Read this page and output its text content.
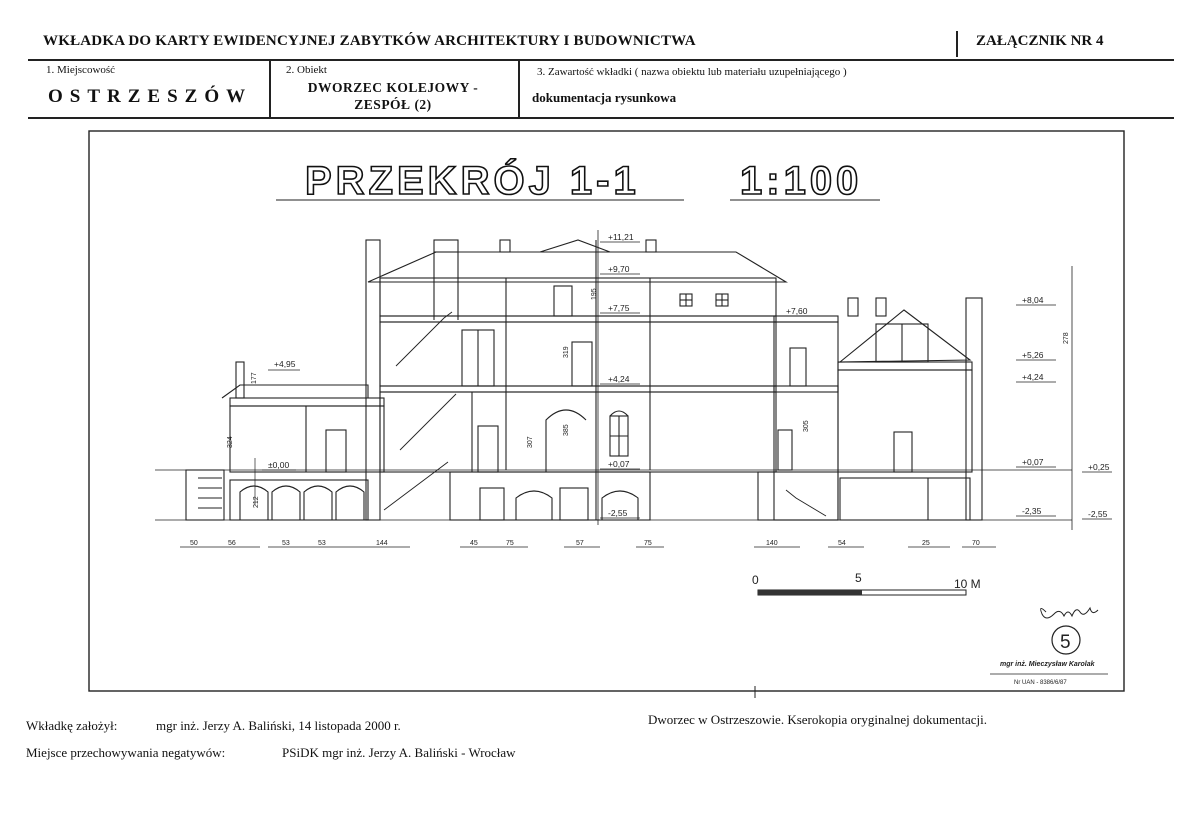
WKŁADKA DO KARTY EWIDENCYJNEJ ZABYTKÓW ARCHITEKTURY I BUDOWNICTWA	ZAŁĄCZNIK NR 4
1. Miejscowość
OSTRZESZÓW
2. Obiekt
DWORZEC KOLEJOWY -
ZESPÓŁ (2)
3. Zawartość wkładki ( nazwa obiektu lub materiału uzupełniającego )
dokumentacja rysunkowa
PRZEKRÓJ 1-1	1:100
+4,95
±0,00
+11,21
+9,70
+7,75
+4,24
+0,07
-2,55
+7,60
+8,04
+5,26
+4,24
+0,07
-2,35
+0,25
-2,55
324
319
307
385	305
177
195
212
278
50	56	53	53	144	45	75	57	75	140	54	25	70
0	5	10 M
5
mgr inż. Mieczysław Karolak
Nr UAN - 8386/6/87
Wkładkę założył:	mgr inż. Jerzy A. Baliński, 14 listopada 2000 r.	Dworzec w Ostrzeszowie. Kserokopia oryginalnej dokumentacji.
Miejsce przechowywania negatywów:	PSiDK mgr inż. Jerzy A. Baliński - Wrocław
